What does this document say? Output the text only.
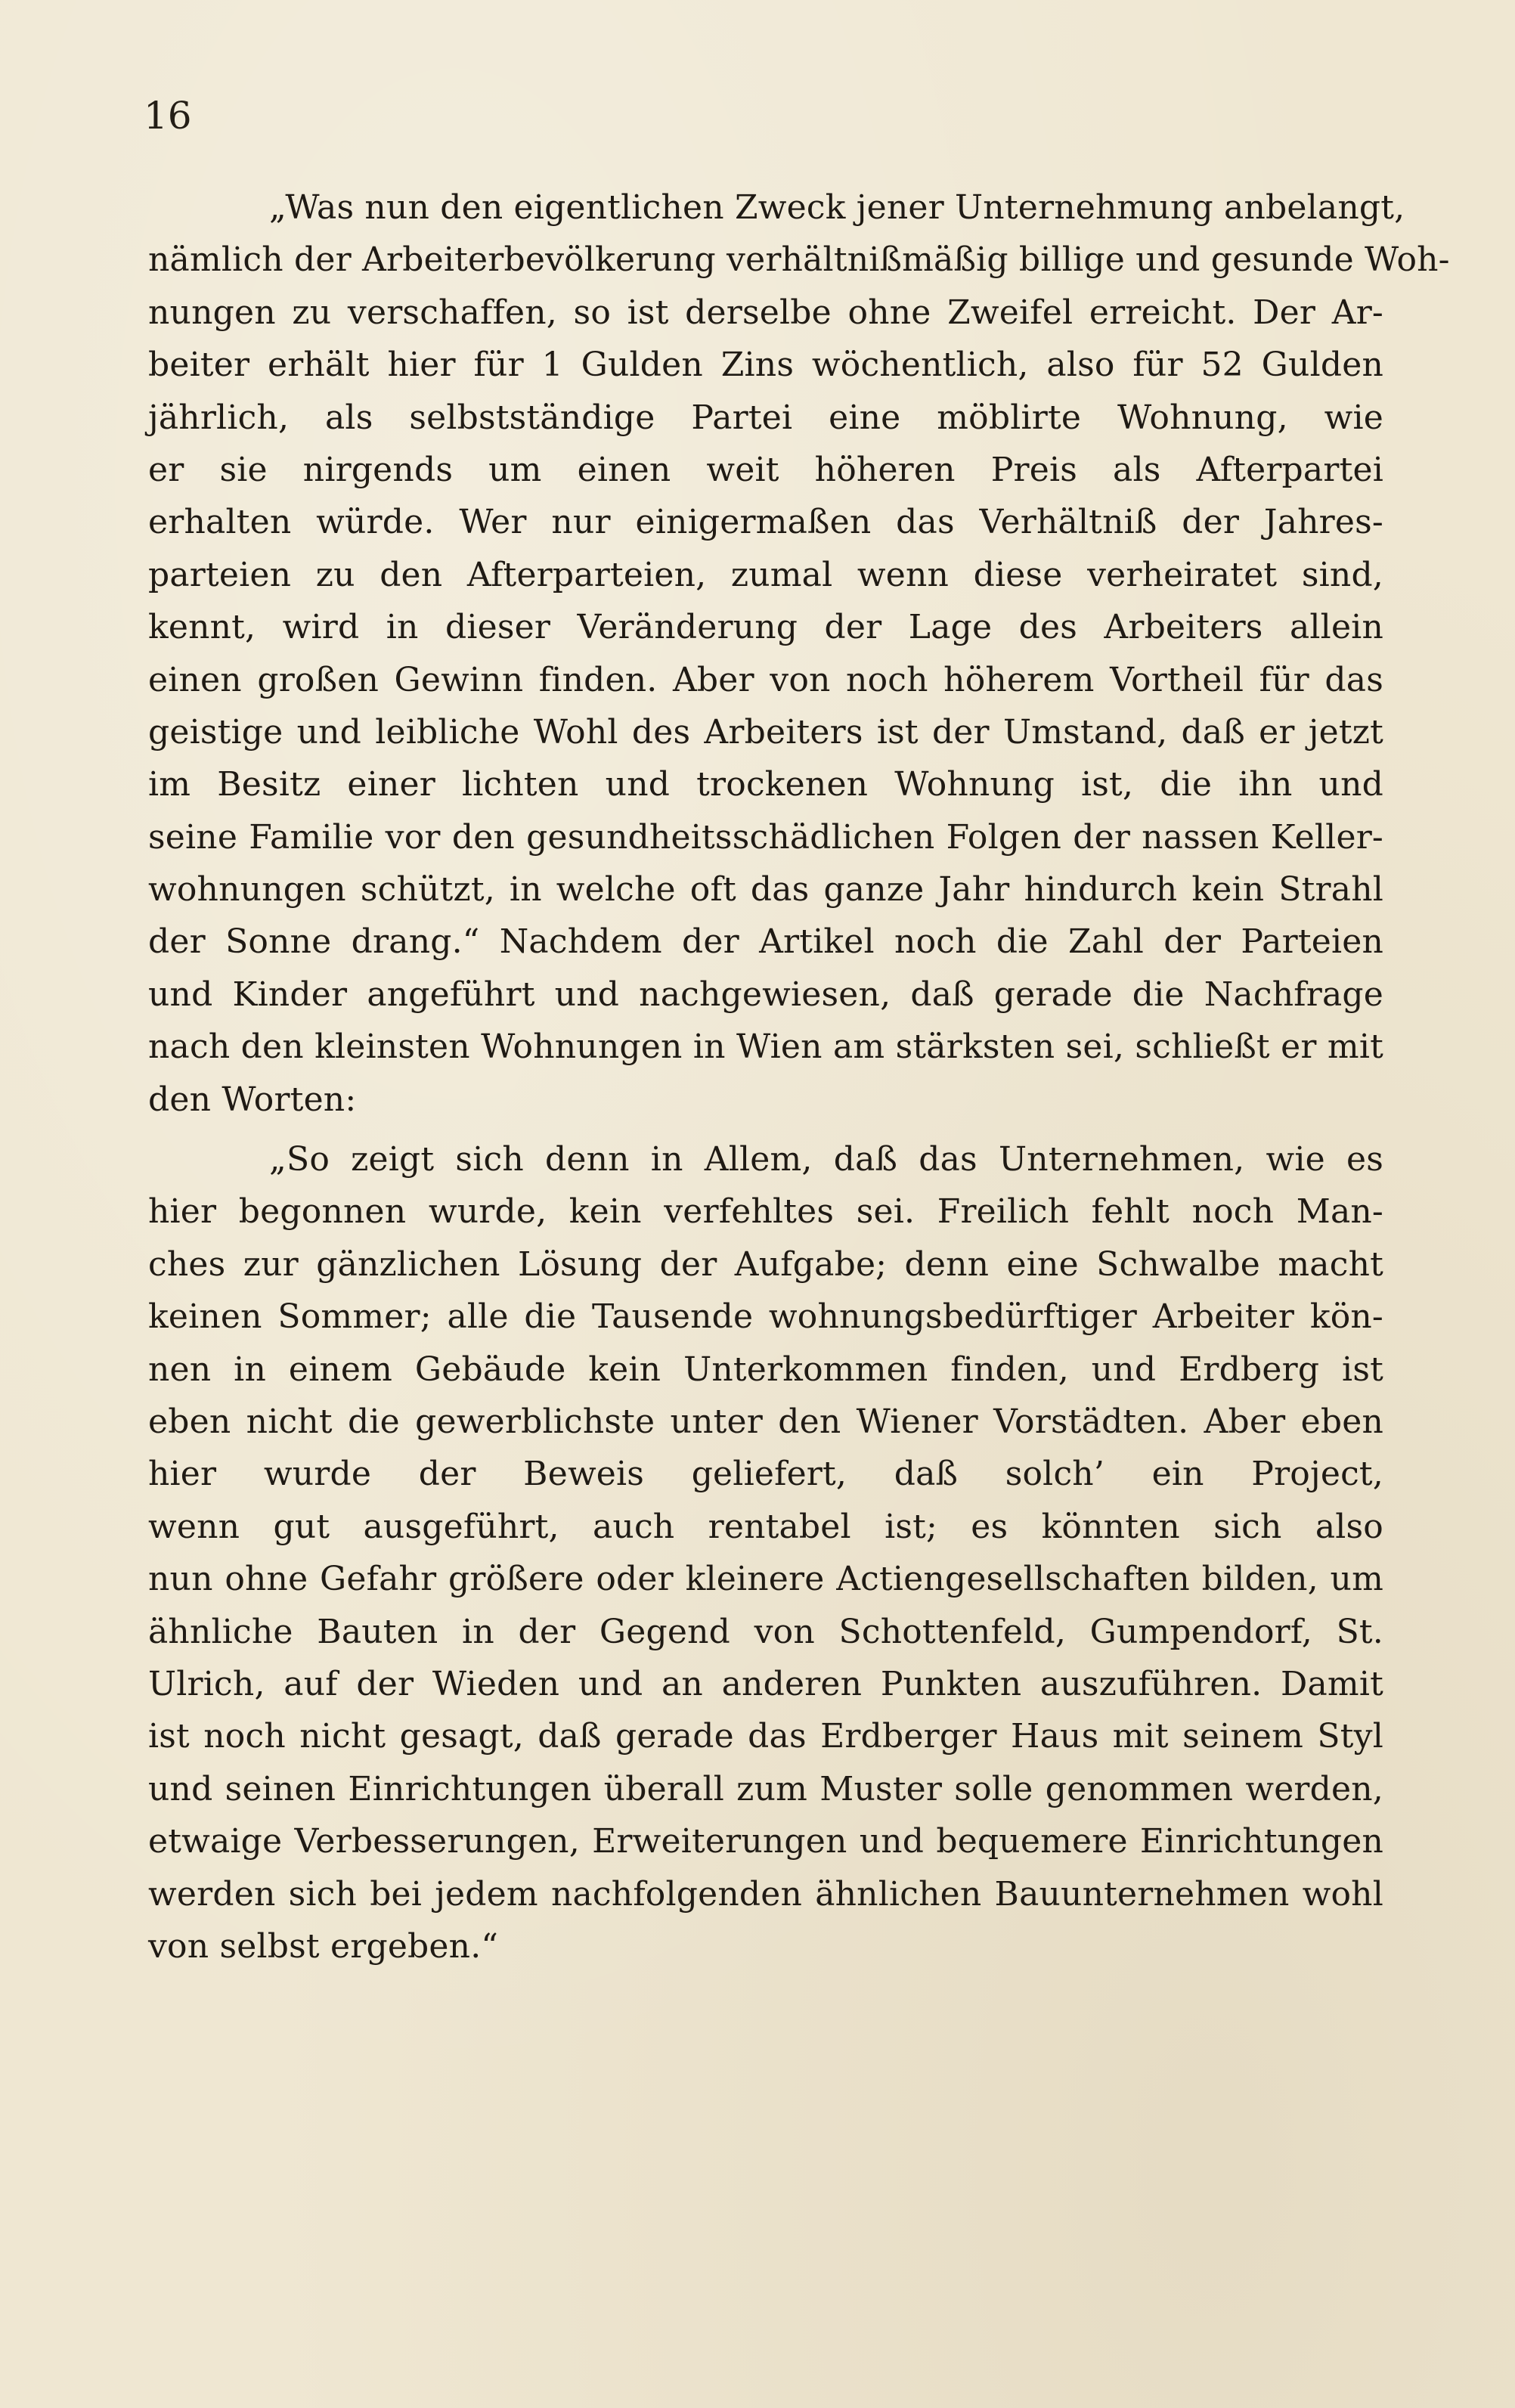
16
„Was nun den eigentlichen Zweck jener Unternehmung anbelangt,
nämlich der Arbeiterbevölkerung verhältnißmäßig billige und gesunde Woh-
nungen zu verschaffen, so ist derselbe ohne Zweifel erreicht. Der Ar-
beiter erhält hier für 1 Gulden Zins wöchentlich, also für 52 Gulden
jährlich, als selbstständige Partei eine möblirte Wohnung, wie
er sie nirgends um einen weit höheren Preis als Afterpartei
erhalten würde. Wer nur einigermaßen das Verhältniß der Jahres-
parteien zu den Afterparteien, zumal wenn diese verheiratet sind,
kennt, wird in dieser Veränderung der Lage des Arbeiters allein
einen großen Gewinn finden. Aber von noch höherem Vortheil für das
geistige und leibliche Wohl des Arbeiters ist der Umstand, daß er jetzt
im Besitz einer lichten und trockenen Wohnung ist, die ihn und
seine Familie vor den gesundheitsschädlichen Folgen der nassen Keller-
wohnungen schützt, in welche oft das ganze Jahr hindurch kein Strahl
der Sonne drang.“ Nachdem der Artikel noch die Zahl der Parteien
und Kinder angeführt und nachgewiesen, daß gerade die Nachfrage
nach den kleinsten Wohnungen in Wien am stärksten sei, schließt er mit
den Worten:
„So zeigt sich denn in Allem, daß das Unternehmen, wie es
hier begonnen wurde, kein verfehltes sei. Freilich fehlt noch Man-
ches zur gänzlichen Lösung der Aufgabe; denn eine Schwalbe macht
keinen Sommer; alle die Tausende wohnungsbedürftiger Arbeiter kön-
nen in einem Gebäude kein Unterkommen finden, und Erdberg ist
eben nicht die gewerblichste unter den Wiener Vorstädten. Aber eben
hier wurde der Beweis geliefert, daß solch’ ein Project,
wenn gut ausgeführt, auch rentabel ist; es könnten sich also
nun ohne Gefahr größere oder kleinere Actiengesellschaften bilden, um
ähnliche Bauten in der Gegend von Schottenfeld, Gumpendorf, St.
Ulrich, auf der Wieden und an anderen Punkten auszuführen. Damit
ist noch nicht gesagt, daß gerade das Erdberger Haus mit seinem Styl
und seinen Einrichtungen überall zum Muster solle genommen werden,
etwaige Verbesserungen, Erweiterungen und bequemere Einrichtungen
werden sich bei jedem nachfolgenden ähnlichen Bauunternehmen wohl
von selbst ergeben.“
